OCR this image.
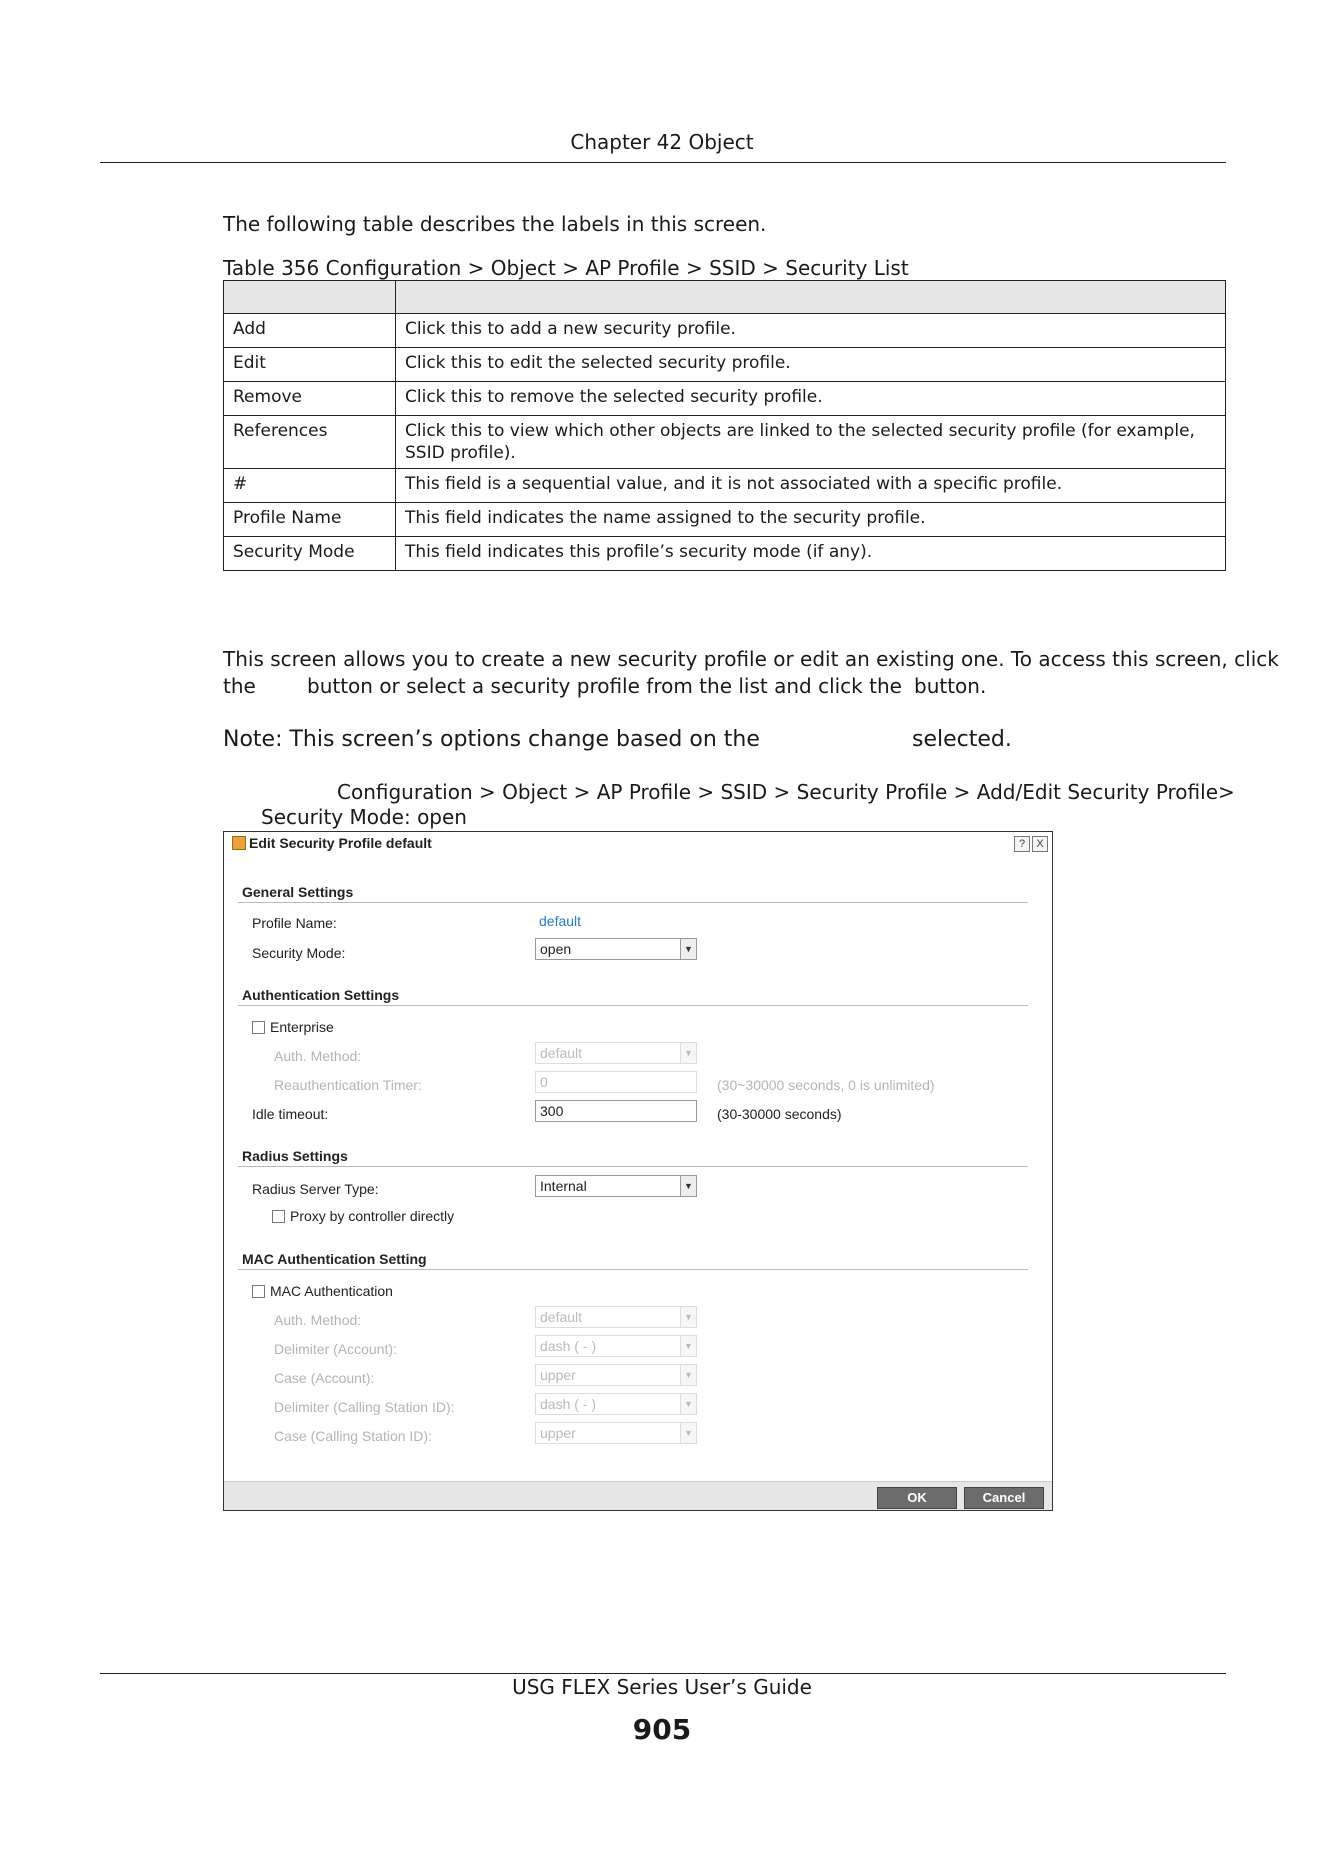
Chapter 42 Object
The following table describes the labels in this screen.
Table 356 Configuration > Object > AP Profile > SSID > Security List

Add	Click this to add a new security profile.
Edit	Click this to edit the selected security profile.
Remove	Click this to remove the selected security profile.
References	Click this to view which other objects are linked to the selected security profile (for example, SSID profile).
#	This field is a sequential value, and it is not associated with a specific profile.
Profile Name	This field indicates the name assigned to the security profile.
Security Mode	This field indicates this profile’s security mode (if any).
This screen allows you to create a new security profile or edit an existing one. To access this screen, click
the	button or select a security profile from the list and click the button.
Note: This screen’s options change based on the	selected.
Configuration > Object > AP Profile > SSID > Security Profile > Add/Edit Security Profile>
Security Mode: open
Edit Security Profile default	?	X
General Settings
Profile Name:	default
Security Mode:	open	▼
Authentication Settings
Enterprise
Auth. Method:	default	▼
Reauthentication Timer:	0	(30~30000 seconds, 0 is unlimited)
Idle timeout:	300	(30-30000 seconds)
Radius Settings
Radius Server Type:	Internal	▼
Proxy by controller directly
MAC Authentication Setting
MAC Authentication
Auth. Method:	default	▼
Delimiter (Account):	dash ( - )	▼
Case (Account):	upper	▼
Delimiter (Calling Station ID):	dash ( - )	▼
Case (Calling Station ID):	upper	▼
OK	Cancel
USG FLEX Series User’s Guide
905
